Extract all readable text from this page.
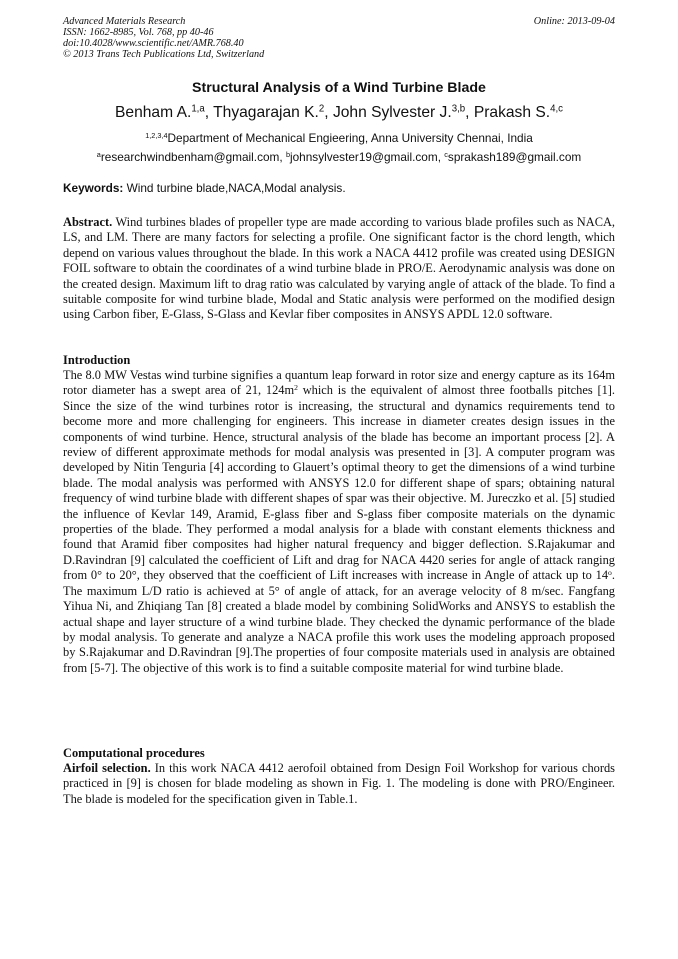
Advanced Materials Research
ISSN: 1662-8985, Vol. 768, pp 40-46
doi:10.4028/www.scientific.net/AMR.768.40
© 2013 Trans Tech Publications Ltd, Switzerland
Online: 2013-09-04
Structural Analysis of a Wind Turbine Blade
Benham A.$^{1,a}$, Thyagarajan K.$^2$, John Sylvester J.$^{3,b}$, Prakash S.$^{4,c}$
$^{1,2,3,4}$Department of Mechanical Engieering, Anna University Chennai, India
$^a$researchwindbenham@gmail.com, $^b$johnsylvester19@gmail.com, $^c$sprakash189@gmail.com
Keywords: Wind turbine blade,NACA,Modal analysis.
Abstract. Wind turbines blades of propeller type are made according to various blade profiles such as NACA, LS, and LM. There are many factors for selecting a profile. One significant factor is the chord length, which depend on various values throughout the blade. In this work a NACA 4412 profile was created using DESIGN FOIL software to obtain the coordinates of a wind turbine blade in PRO/E. Aerodynamic analysis was done on the created design. Maximum lift to drag ratio was calculated by varying angle of attack of the blade. To find a suitable composite for wind turbine blade, Modal and Static analysis were performed on the modified design using Carbon fiber, E-Glass, S-Glass and Kevlar fiber composites in ANSYS APDL 12.0 software.
Introduction
The 8.0 MW Vestas wind turbine signifies a quantum leap forward in rotor size and energy capture as its 164m rotor diameter has a swept area of 21, $124m^2$ which is the equivalent of almost three footballs pitches [1]. Since the size of the wind turbines rotor is increasing, the structural and dynamics requirements tend to become more and more challenging for engineers. This increase in diameter creates design issues in the components of wind turbine. Hence, structural analysis of the blade has become an important process [2]. A review of different approximate methods for modal analysis was presented in [3]. A computer program was developed by Nitin Tenguria [4] according to Glauert’s optimal theory to get the dimensions of a wind turbine blade. The modal analysis was performed with ANSYS 12.0 for different shape of spars; obtaining natural frequency of wind turbine blade with different shapes of spar was their objective. M. Jureczko et al. [5] studied the influence of Kevlar 149, Aramid, E-glass fiber and S-glass fiber composite materials on the dynamic properties of the blade. They performed a modal analysis for a blade with constant elements thickness and found that Aramid fiber composites had higher natural frequency and bigger deflection. S.Rajakumar and D.Ravindran [9] calculated the coefficient of Lift and drag for NACA 4420 series for angle of attack ranging from 0° to 20°, they observed that the coefficient of Lift increases with increase in Angle of attack up to 14$^o$. The maximum L/D ratio is achieved at 5° of angle of attack, for an average velocity of 8 m/sec. Fangfang Yihua Ni, and Zhiqiang Tan [8] created a blade model by combining SolidWorks and ANSYS to establish the actual shape and layer structure of a wind turbine blade. They checked the dynamic performance of the blade by modal analysis. To generate and analyze a NACA profile this work uses the modeling approach proposed by S.Rajakumar and D.Ravindran [9].The properties of four composite materials used in analysis are obtained from [5-7]. The objective of this work is to find a suitable composite material for wind turbine blade.
Computational procedures
Airfoil selection. In this work NACA 4412 aerofoil obtained from Design Foil Workshop for various chords practiced in [9] is chosen for blade modeling as shown in Fig. 1. The modeling is done with PRO/Engineer. The blade is modeled for the specification given in Table.1.
